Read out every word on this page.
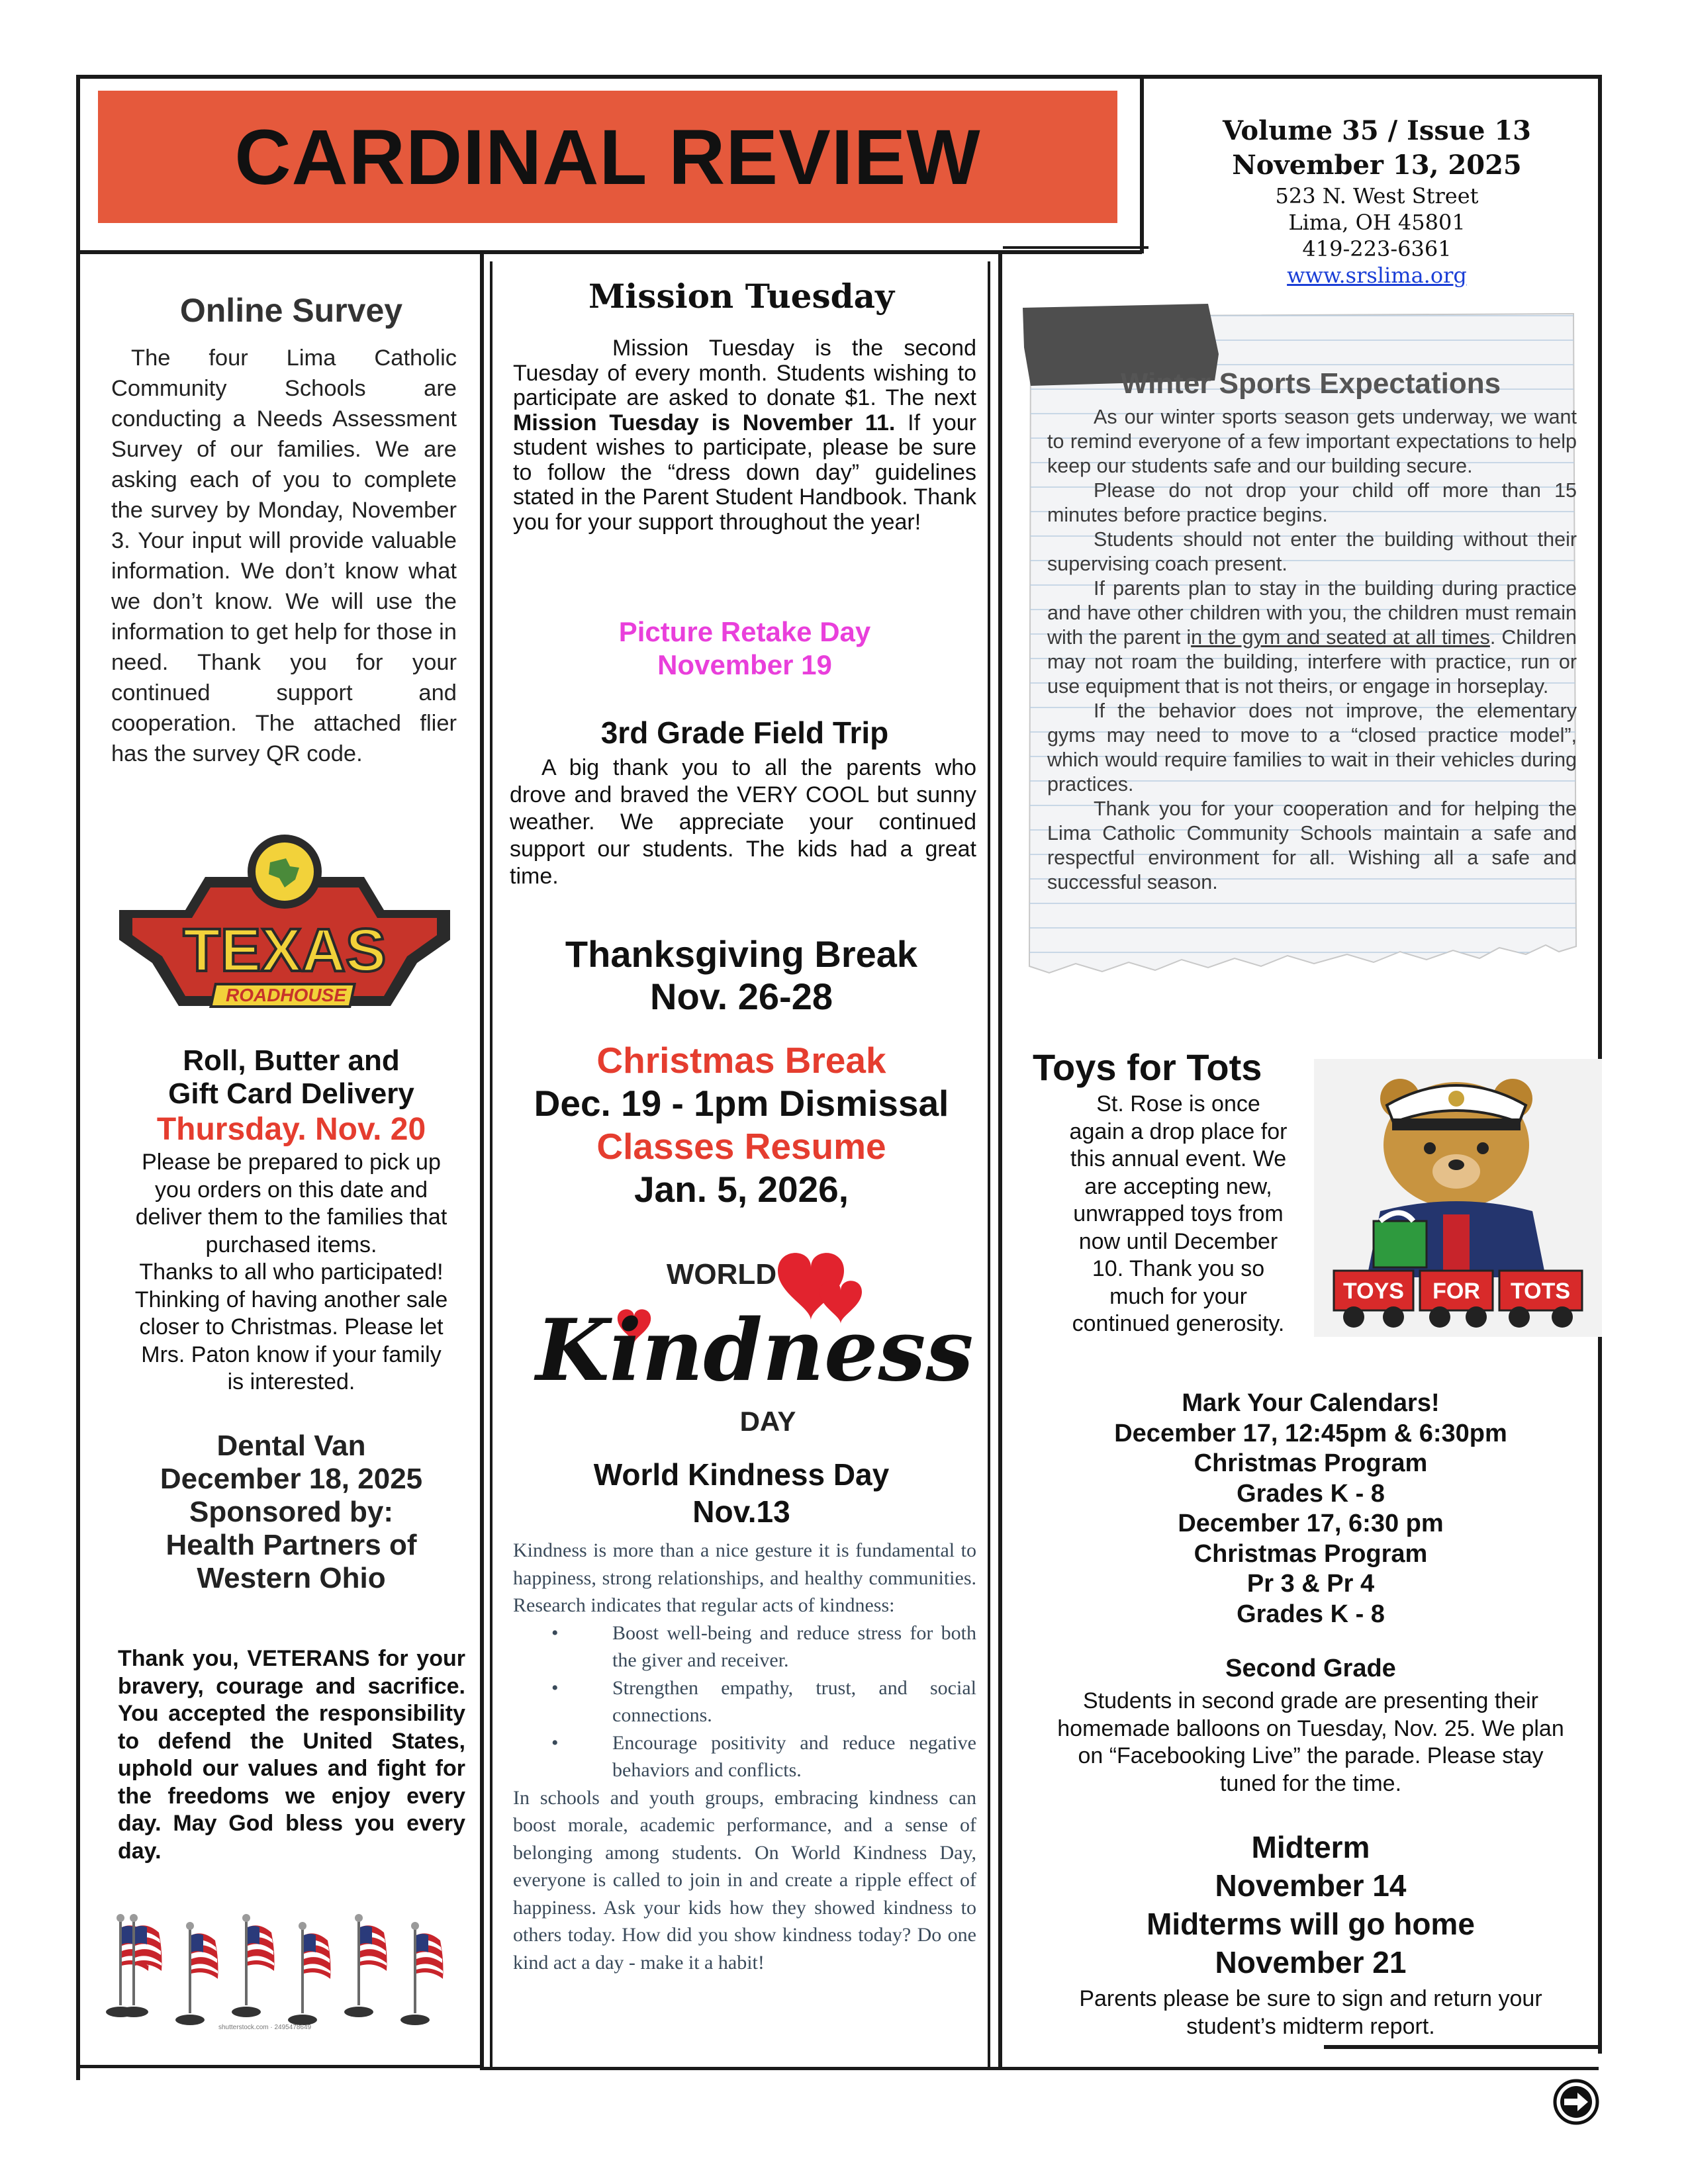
CARDINAL REVIEW	Volume 35 / Issue 13
November 13, 2025
523 N. West Street
Lima, OH 45801
419-223-6361
www.srslima.org
Online Survey

The four Lima Catholic Community Schools are conducting a Needs Assessment Survey of our families. We are asking each of you to complete the survey by Monday, November 3. Your input will provide valuable information. We don’t know what we don’t know. We will use the information to get help for those in need. Thank you for your continued support and cooperation. The attached flier has the survey QR code.

TEXAS
ROADHOUSE
Roll, Butter and
Gift Card Delivery
Thursday. Nov. 20
Please be prepared to pick up
you orders on this date and
deliver them to the families that
purchased items.
Thanks to all who participated!
Thinking of having another sale
closer to Christmas. Please let
Mrs. Paton know if your family
is interested.
Dental Van
December 18, 2025
Sponsored by:
Health Partners of
Western Ohio
Thank you, VETERANS for your bravery, courage and sacrifice. You accepted the responsibility to defend the United States, uphold our values and fight for the freedoms we enjoy every day. May God bless you every day.
shutterstock.com · 2495478649
Mission Tuesday

Mission Tuesday is the second Tuesday of every month. Students wishing to participate are asked to donate $1. The next Mission Tuesday is November 11. If your student wishes to participate, please be sure to follow the “dress down day” guidelines stated in the Parent Student Handbook. Thank you for your support throughout the year!

Picture Retake Day
November 19
3rd Grade Field Trip

A big thank you to all the parents who drove and braved the VERY COOL but sunny weather. We appreciate your continued support our students. The kids had a great time.

Thanksgiving Break
Nov. 26-28
Christmas Break
Dec. 19 - 1pm Dismissal
Classes Resume
Jan. 5, 2026,
WORLD
Kindness
DAY
World Kindness Day
Nov.13

Kindness is more than a nice gesture it is fundamental to happiness, strong relationships, and healthy communities. Research indicates that regular acts of kindness:

•	Boost well-being and reduce stress for both the giver and receiver.
•	Strengthen empathy, trust, and social connections.
•	Encourage positivity and reduce negative behaviors and conflicts.

In schools and youth groups, embracing kindness can boost morale, academic performance, and a sense of belonging among students. On World Kindness Day, everyone is called to join in and create a ripple effect of happiness. Ask your kids how they showed kindness to others today. How did you show kindness today? Do one kind act a day - make it a habit!

Winter Sports Expectations

As our winter sports season gets underway, we want to remind everyone of a few important expectations to help keep our students safe and our building secure.

Please do not drop your child off more than 15 minutes before practice begins.

Students should not enter the building without their supervising coach present.

If parents plan to stay in the building during practice and have other children with you, the children must remain with the parent in the gym and seated at all times. Children may not roam the building, interfere with practice, run or use equipment that is not theirs, or engage in horseplay.

If the behavior does not improve, the elementary gyms may need to move to a “closed practice model”, which would require families to wait in their vehicles during practices.

Thank you for your cooperation and for helping the Lima Catholic Community Schools maintain a safe and respectful environment for all. Wishing all a safe and successful season.

Toys for Tots
St. Rose is once
again a drop place for
this annual event. We
are accepting new,
unwrapped toys from
now until December
10. Thank you so
much for your
continued generosity.
TOYS FOR TOTS
Mark Your Calendars!
December 17, 12:45pm & 6:30pm
Christmas Program
Grades K - 8
December 17, 6:30 pm
Christmas Program
Pr 3 & Pr 4
Grades K - 8
Second Grade
Students in second grade are presenting their homemade balloons on Tuesday, Nov. 25. We plan on “Facebooking Live” the parade. Please stay tuned for the time.
Midterm
November 14
Midterms will go home
November 21
Parents please be sure to sign and return your student’s midterm report.
